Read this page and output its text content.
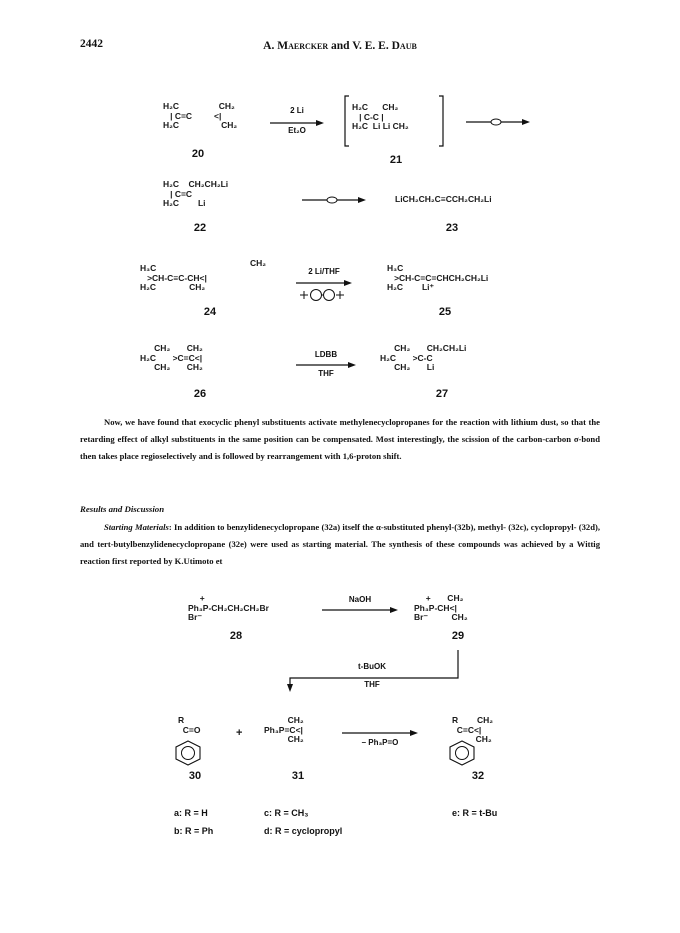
2442	A. Maercker and V. E. E. Daub
H₂C
| C=C
H₂C
CH₂
<|
CH₂
20
2 Li
Et₂O
H₂C      CH₂
| C-C |
H₂C  Li Li CH₂
21
H₂C    CH₂CH₂Li
| C=C
H₂C        Li
22
LiCH₂CH₂C≡CCH₂CH₂Li
23
H₃C
>CH-C≡C-CH<|
H₂C              CH₂
CH₂
24
2 Li/THF	H₃C
>CH-C=C=CHCH₂CH₂Li
H₂C        Li⁺
25
CH₂       CH₂
H₂C       >C=C<|
CH₂       CH₂
26
LDBB
THF
CH₂       CH₂CH₂Li
H₂C       >C-C
CH₂       Li
27
Now, we have found that exocyclic phenyl substituents activate methylenecyclopropanes for the reaction with lithium dust, so that the retarding effect of alkyl substituents in the same position can be compensated. Most interestingly, the scission of the carbon-carbon σ-bond then takes place regioselectively and is followed by rearrangement with 1,6-proton shift.
Results and Discussion
Starting Materials: In addition to benzylidenecyclopropane (32a) itself the α-substituted phenyl-(32b), methyl- (32c), cyclopropyl- (32d), and tert-butylbenzylidenecyclopropane (32e) were used as starting material. The synthesis of these compounds was achieved by a Wittig reaction first reported by K.Utimoto et
+
Ph₃P-CH₂CH₂CH₂Br
Br⁻
28
NaOH	+       CH₂
Ph₃P-CH<|
Br⁻          CH₂
29
t-BuOK
THF
R
C=O
30
+
CH₂
Ph₃P=C<|
CH₂
31
– Ph₃P=O
R        CH₂
C=C<|
CH₂
32
a: R = H
b: R = Ph
c: R = CH₃
d: R = cyclopropyl
e: R = t-Bu
